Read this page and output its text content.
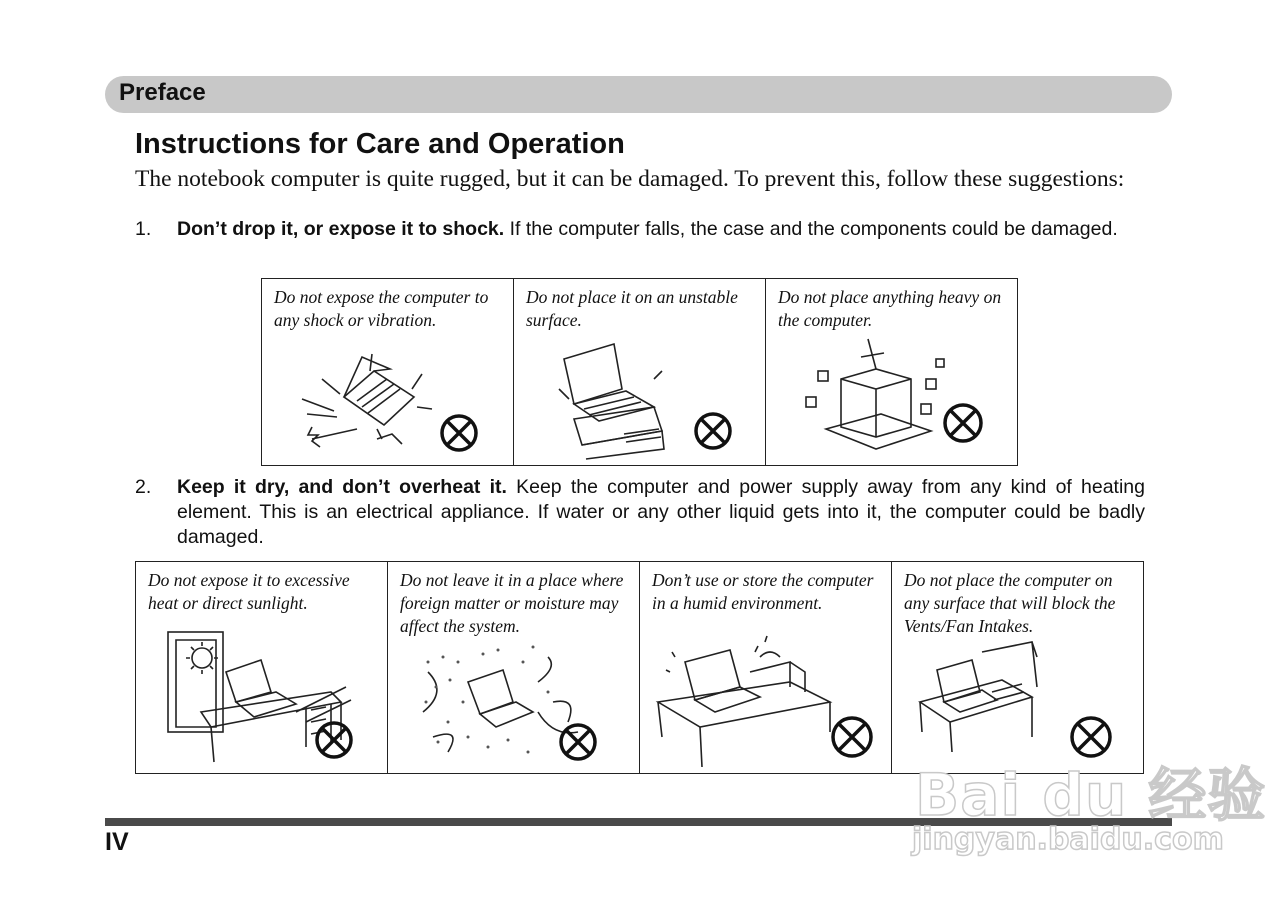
Preface
Instructions for Care and Operation
The notebook computer is quite rugged, but it can be damaged. To prevent this, follow these suggestions:
1. Don’t drop it, or expose it to shock. If the computer falls, the case and the components could be damaged.
Do not expose the computer to any shock or vibration.

Do not place it on an unstable surface.

Do not place anything heavy on the computer.
2. Keep it dry, and don’t overheat it. Keep the computer and power supply away from any kind of heating element. This is an electrical appliance. If water or any other liquid gets into it, the computer could be badly damaged.
Do not expose it to excessive heat or direct sunlight.

Do not leave it in a place where foreign matter or moisture may affect the system.

Don’t use or store the computer in a humid environment.

Do not place the computer on any surface that will block the Vents/Fan Intakes.
IV
Bai du 经验
jingyan.baidu.com
